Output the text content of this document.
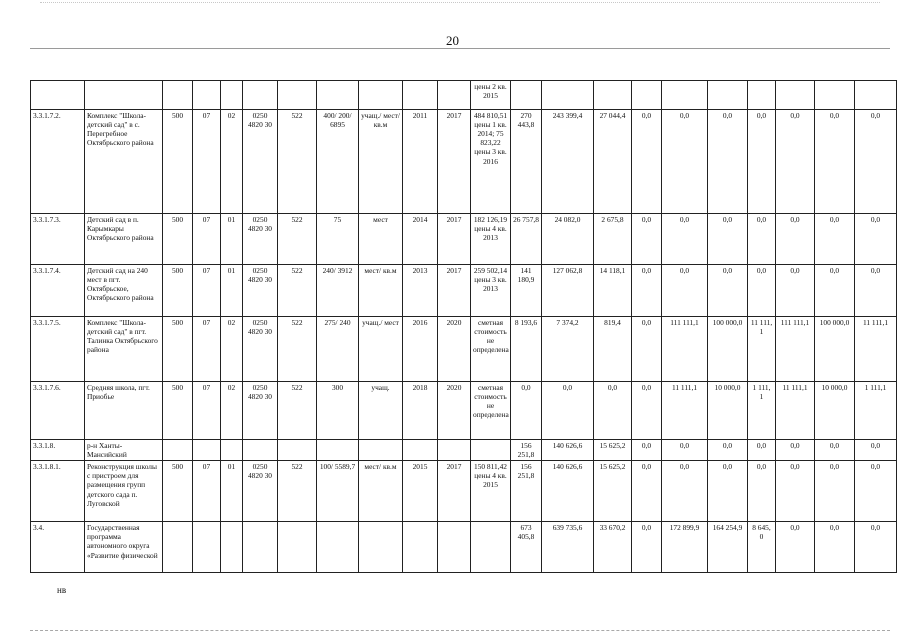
20
											цены 2 кв. 2015										
3.3.1.7.2.	Комплекс "Школа-детский сад" в с. Перегребное Октябрьского района	500	07	02	0250 4820 30	522	400/ 200/ 6895	учащ./ мест/ кв.м	2011	2017	484 810,51 цены 1 кв. 2014; 75 823,22 цены 3 кв. 2016	270 443,8	243 399,4	27 044,4	0,0	0,0	0,0	0,0	0,0	0,0	0,0
3.3.1.7.3.	Детский сад в п. Карымкары Октябрьского района	500	07	01	0250 4820 30	522	75	мест	2014	2017	182 126,19 цены 4 кв. 2013	26 757,8	24 082,0	2 675,8	0,0	0,0	0,0	0,0	0,0	0,0	0,0
3.3.1.7.4.	Детский сад на 240 мест в пгт. Октябрьское, Октябрьского района	500	07	01	0250 4820 30	522	240/ 3912	мест/ кв.м	2013	2017	259 502,14 цены 3 кв. 2013	141 180,9	127 062,8	14 118,1	0,0	0,0	0,0	0,0	0,0	0,0	0,0
3.3.1.7.5.	Комплекс "Школа-детский сад" в пгт. Талинка Октябрьского района	500	07	02	0250 4820 30	522	275/ 240	учащ./ мест	2016	2020	сметная стоимость не определена	8 193,6	7 374,2	819,4	0,0	111 111,1	100 000,0	11 111, 1	111 111,1	100 000,0	11 111,1
3.3.1.7.6.	Средняя школа, пгт. Приобье	500	07	02	0250 4820 30	522	300	учащ.	2018	2020	сметная стоимость не определена	0,0	0,0	0,0	0,0	11 111,1	10 000,0	1 111, 1	11 111,1	10 000,0	1 111,1
3.3.1.8.	р-н Ханты-Мансийский											156 251,8	140 626,6	15 625,2	0,0	0,0	0,0	0,0	0,0	0,0	0,0
3.3.1.8.1.	Реконструкция школы с пристроем для размещения групп детского сада п. Луговской	500	07	01	0250 4820 30	522	100/ 5589,7	мест/ кв.м	2015	2017	150 811,42 цены 4 кв. 2015	156 251,8	140 626,6	15 625,2	0,0	0,0	0,0	0,0	0,0	0,0	0,0
3.4.	Государственная программа автономного округа «Развитие физической											673 405,8	639 735,6	33 670,2	0,0	172 899,9	164 254,9	8 645, 0	0,0	0,0	0,0
нв
